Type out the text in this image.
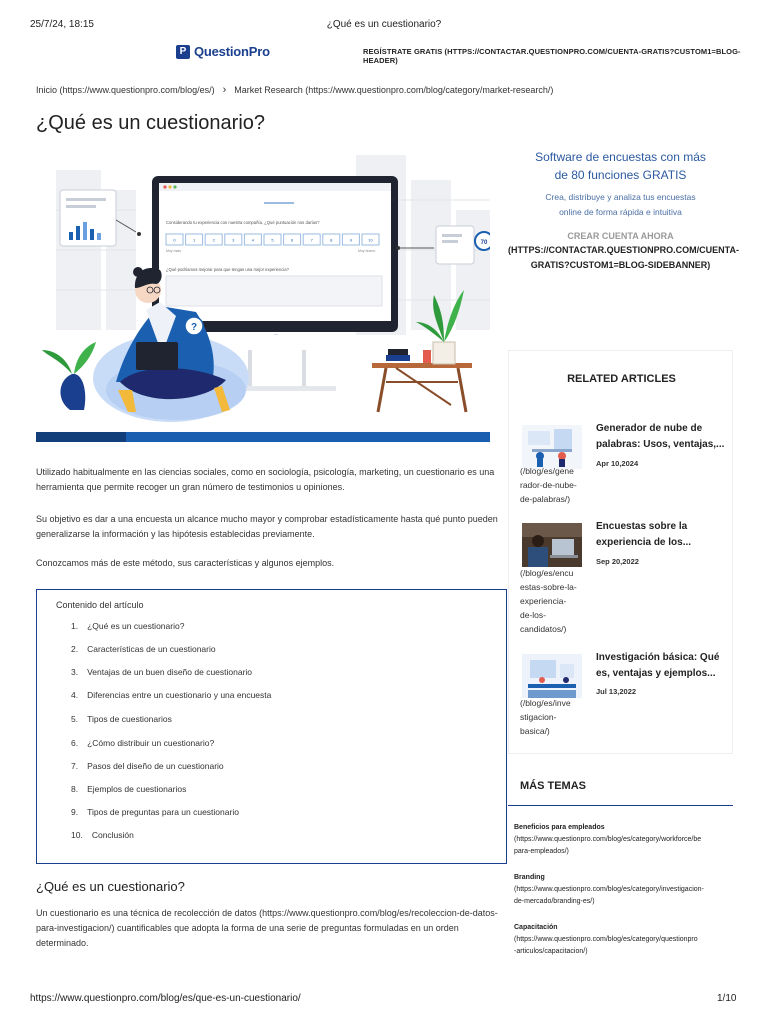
25/7/24, 18:15	¿Qué es un cuestionario?
P QuestionPro	REGÍSTRATE GRATIS (HTTPS://CONTACTAR.QUESTIONPRO.COM/CUENTA-GRATIS?CUSTOM1=BLOG-HEADER)
Inicio (https://www.questionpro.com/blog/es/) › Market Research (https://www.questionpro.com/blog/category/market-research/)
¿Qué es un cuestionario?
Considerando tu experiencia con nuestra compañía, ¿Qué puntuación nos darías?
0	1	2	3	4	5	6	7	8	9	10
Muy malo	Muy bueno
¿Qué podríamos mejorar para que tengas una mejor experiencia?
70
?
Utilizado habitualmente en las ciencias sociales, como en sociología, psicología, marketing, un cuestionario es una herramienta que permite recoger un gran número de testimonios u opiniones.
Su objetivo es dar a una encuesta un alcance mucho mayor y comprobar estadísticamente hasta qué punto pueden generalizarse la información y las hipótesis establecidas previamente.
Conozcamos más de este método, sus características y algunos ejemplos.
Contenido del artículo
1. ¿Qué es un cuestionario?
2. Características de un cuestionario
3. Ventajas de un buen diseño de cuestionario
4. Diferencias entre un cuestionario y una encuesta
5. Tipos de cuestionarios
6. ¿Cómo distribuir un cuestionario?
7. Pasos del diseño de un cuestionario
8. Ejemplos de cuestionarios
9. Tipos de preguntas para un cuestionario
10. Conclusión
¿Qué es un cuestionario?
Un cuestionario es una técnica de recolección de datos (https://www.questionpro.com/blog/es/recoleccion-de-datos-para-investigacion/) cuantificables que adopta la forma de una serie de preguntas formuladas en un orden determinado.
Software de encuestas con más
de 80 funciones GRATIS
Crea, distribuye y analiza tus encuestas
online de forma rápida e intuitiva
CREAR CUENTA AHORA
(HTTPS://CONTACTAR.QUESTIONPRO.COM/CUENTA-
GRATIS?CUSTOM1=BLOG-SIDEBANNER)
RELATED ARTICLES
Generador de nube de
palabras: Usos, ventajas,...
Apr 10,2024
(/blog/es/gene
rador-de-nube-
de-palabras/)
Encuestas sobre la
experiencia de los...
Sep 20,2022
(/blog/es/encu
estas-sobre-la-
experiencia-
de-los-
candidatos/)
Investigación básica: Qué
es, ventajas y ejemplos...
Jul 13,2022
(/blog/es/inve
stigacion-
basica/)
MÁS TEMAS
Beneficios para empleados
(https://www.questionpro.com/blog/es/category/workforce/be
para-empleados/)
Branding
(https://www.questionpro.com/blog/es/category/investigacion-
de-mercado/branding-es/)
Capacitación
(https://www.questionpro.com/blog/es/category/questionpro
-articulos/capacitacion/)
https://www.questionpro.com/blog/es/que-es-un-cuestionario/	1/10
